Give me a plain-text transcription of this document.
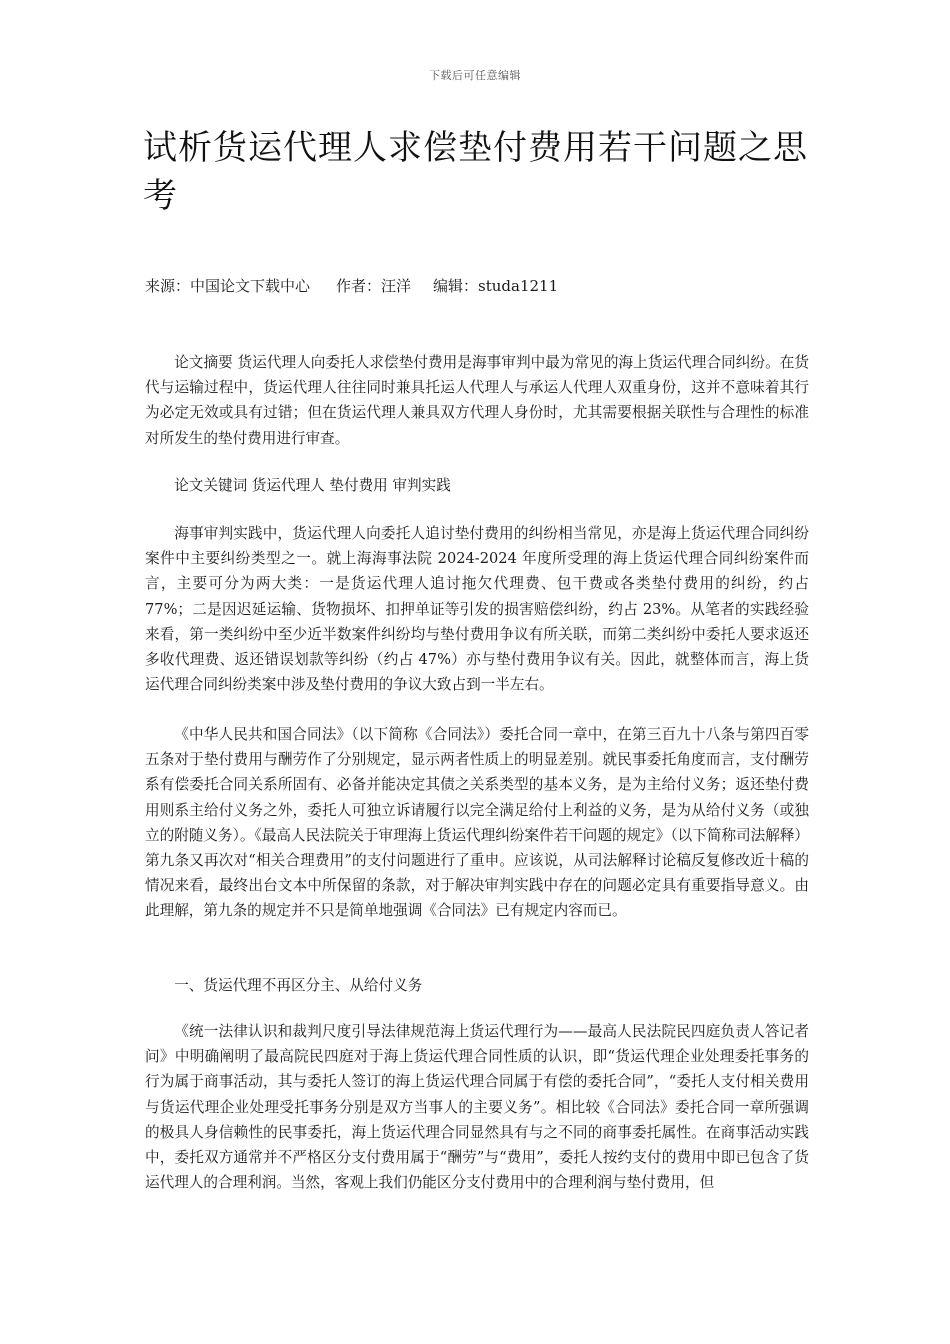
下载后可任意编辑
试析货运代理人求偿垫付费用若干问题之思考
来源：中国论文下载中心 作者：汪洋 编辑：studa1211

论文摘要 货运代理人向委托人求偿垫付费用是海事审判中最为常见的海上货运代理合同纠纷。在货代与运输过程中，货运代理人往往同时兼具托运人代理人与承运人代理人双重身份，这并不意味着其行为必定无效或具有过错；但在货运代理人兼具双方代理人身份时，尤其需要根据关联性与合理性的标准对所发生的垫付费用进行审查。

论文关键词 货运代理人 垫付费用 审判实践

海事审判实践中，货运代理人向委托人追讨垫付费用的纠纷相当常见，亦是海上货运代理合同纠纷案件中主要纠纷类型之一。就上海海事法院 2024-2024 年度所受理的海上货运代理合同纠纷案件而言，主要可分为两大类：一是货运代理人追讨拖欠代理费、包干费或各类垫付费用的纠纷，约占 77%；二是因迟延运输、货物损坏、扣押单证等引发的损害赔偿纠纷，约占 23%。从笔者的实践经验来看，第一类纠纷中至少近半数案件纠纷均与垫付费用争议有所关联，而第二类纠纷中委托人要求返还多收代理费、返还错误划款等纠纷（约占 47%）亦与垫付费用争议有关。因此，就整体而言，海上货运代理合同纠纷类案中涉及垫付费用的争议大致占到一半左右。

《中华人民共和国合同法》（以下简称《合同法》）委托合同一章中，在第三百九十八条与第四百零五条对于垫付费用与酬劳作了分别规定，显示两者性质上的明显差别。就民事委托角度而言，支付酬劳系有偿委托合同关系所固有、必备并能决定其债之关系类型的基本义务，是为主给付义务；返还垫付费用则系主给付义务之外，委托人可独立诉请履行以完全满足给付上利益的义务，是为从给付义务（或独立的附随义务）。《最高人民法院关于审理海上货运代理纠纷案件若干问题的规定》（以下简称司法解释）第九条又再次对“相关合理费用”的支付问题进行了重申。应该说，从司法解释讨论稿反复修改近十稿的情况来看，最终出台文本中所保留的条款，对于解决审判实践中存在的问题必定具有重要指导意义。由此理解，第九条的规定并不只是简单地强调《合同法》已有规定内容而已。

一、货运代理不再区分主、从给付义务

《统一法律认识和裁判尺度引导法律规范海上货运代理行为——最高人民法院民四庭负责人答记者问》中明确阐明了最高院民四庭对于海上货运代理合同性质的认识，即“货运代理企业处理委托事务的行为属于商事活动，其与委托人签订的海上货运代理合同属于有偿的委托合同”，“委托人支付相关费用与货运代理企业处理受托事务分别是双方当事人的主要义务”。相比较《合同法》委托合同一章所强调的极具人身信赖性的民事委托，海上货运代理合同显然具有与之不同的商事委托属性。在商事活动实践中，委托双方通常并不严格区分支付费用属于“酬劳”与“费用”，委托人按约支付的费用中即已包含了货运代理人的合理利润。当然，客观上我们仍能区分支付费用中的合理利润与垫付费用，但
